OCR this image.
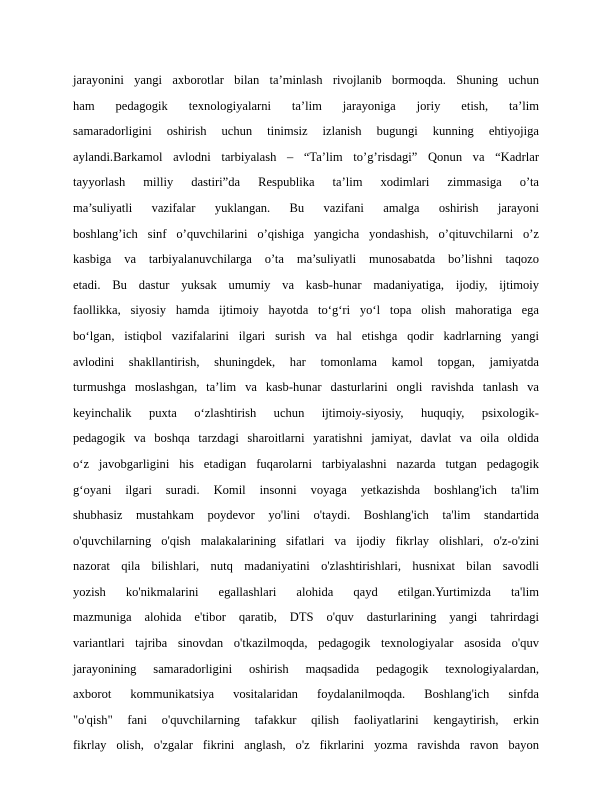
jarayonini yangi axborotlar bilan ta’minlash rivojlanib bormoqda. Shuning uchun
ham pedagogik texnologiyalarni ta’lim jarayoniga joriy etish, ta’lim
samaradorligini oshirish uchun tinimsiz izlanish bugungi kunning ehtiyojiga
aylandi.Barkamol avlodni tarbiyalash – “Ta’lim to’g’risdagi” Qonun va “Kadrlar
tayyorlash milliy dastiri”da Respublika ta’lim xodimlari zimmasiga o’ta
ma’suliyatli vazifalar yuklangan. Bu vazifani amalga oshirish jarayoni
boshlang’ich sinf o’quvchilarini o’qishiga yangicha yondashish, o’qituvchilarni o’z
kasbiga va tarbiyalanuvchilarga o’ta ma’suliyatli munosabatda bo’lishni taqozo
etadi. Bu dastur yuksak umumiy va kasb-hunar madaniyatiga, ijodiy, ijtimoiy
faollikka, siyosiy hamda ijtimoiy hayotda to‘g‘ri yo‘l topa olish mahoratiga ega
bo‘lgan, istiqbol vazifalarini ilgari surish va hal etishga qodir kadrlarning yangi
avlodini shakllantirish, shuningdek, har tomonlama kamol topgan, jamiyatda
turmushga moslashgan, ta’lim va kasb-hunar dasturlarini ongli ravishda tanlash va
keyinchalik puxta o‘zlashtirish uchun ijtimoiy-siyosiy, huquqiy, psixologik-
pedagogik va boshqa tarzdagi sharoitlarni yaratishni jamiyat, davlat va oila oldida
o‘z javobgarligini his etadigan fuqarolarni tarbiyalashni nazarda tutgan pedagogik
g‘oyani ilgari suradi. Komil insonni voyaga yetkazishda boshlang'ich ta'lim
shubhasiz mustahkam poydevor yo'lini o'taydi. Boshlang'ich ta'lim standartida
o'quvchilarning o'qish malakalarining sifatlari va ijodiy fikrlay olishlari, o'z-o'zini
nazorat qila bilishlari, nutq madaniyatini o'zlashtirishlari, husnixat bilan savodli
yozish ko'nikmalarini egallashlari alohida qayd etilgan.Yurtimizda ta'lim
mazmuniga alohida e'tibor qaratib, DTS o'quv dasturlarining yangi tahrirdagi
variantlari tajriba sinovdan o'tkazilmoqda, pedagogik texnologiyalar asosida o'quv
jarayonining samaradorligini oshirish maqsadida pedagogik texnologiyalardan,
axborot kommunikatsiya vositalaridan foydalanilmoqda. Boshlang'ich sinfda
"o'qish" fani o'quvchilarning tafakkur qilish faoliyatlarini kengaytirish, erkin
fikrlay olish, o'zgalar fikrini anglash, o'z fikrlarini yozma ravishda ravon bayon
